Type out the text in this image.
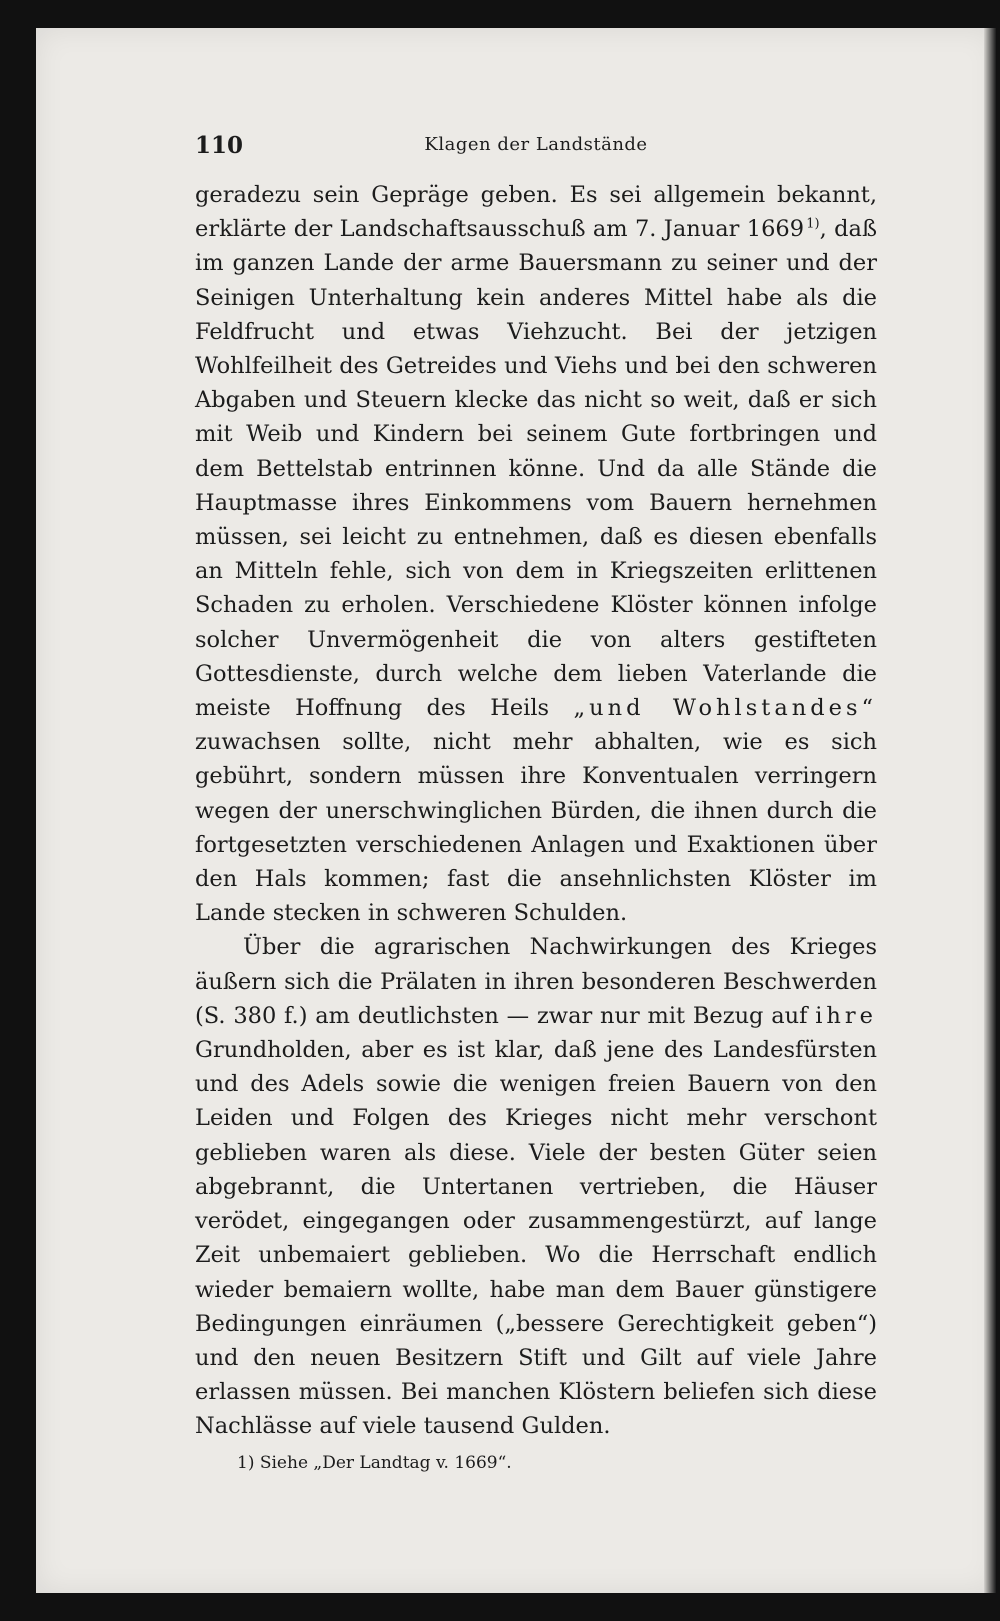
110	Klagen der Landstände

geradezu sein Gepräge geben. Es sei allgemein bekannt, erklärte der Landschaftsausschuß am 7. Januar 1669  $^{1)}$, daß im ganzen Lande der arme Bauersmann zu seiner und der Seinigen Unterhaltung kein anderes Mittel habe als die Feldfrucht und etwas Viehzucht. Bei der jetzigen Wohlfeilheit des Getreides und Viehs und bei den schweren Abgaben und Steuern klecke das nicht so weit, daß er sich mit Weib und Kindern bei seinem Gute fortbringen und dem Bettelstab entrinnen könne. Und da alle Stände die Hauptmasse ihres Einkommens vom Bauern hernehmen müssen, sei leicht zu entnehmen, daß es diesen ebenfalls an Mitteln fehle, sich von dem in Kriegszeiten erlittenen Schaden zu erholen. Verschiedene Klöster können infolge solcher Unvermögenheit die von alters gestifteten Gottesdienste, durch welche dem lieben Vaterlande die meiste Hoffnung des Heils „und Wohlstandes“ zuwachsen sollte, nicht mehr abhalten, wie es sich gebührt, sondern müssen ihre Konventualen verringern wegen der unerschwinglichen Bürden, die ihnen durch die fortgesetzten verschiedenen Anlagen und Exaktionen über den Hals kommen; fast die ansehnlichsten Klöster im Lande stecken in schweren Schulden.

Über die agrarischen Nachwirkungen des Krieges äußern sich die Prälaten in ihren besonderen Beschwerden (S. 380 f.) am deutlichsten — zwar nur mit Bezug auf ihre Grundholden, aber es ist klar, daß jene des Landesfürsten und des Adels sowie die wenigen freien Bauern von den Leiden und Folgen des Krieges nicht mehr verschont geblieben waren als diese. Viele der besten Güter seien abgebrannt, die Untertanen vertrieben, die Häuser verödet, eingegangen oder zusammengestürzt, auf lange Zeit unbemaiert geblieben. Wo die Herrschaft endlich wieder bemaiern wollte, habe man dem Bauer günstigere Bedingungen einräumen („bessere Gerechtigkeit geben“) und den neuen Besitzern Stift und Gilt auf viele Jahre erlassen müssen. Bei manchen Klöstern beliefen sich diese Nachlässe auf viele tausend Gulden.

1) Siehe „Der Landtag v. 1669“.
